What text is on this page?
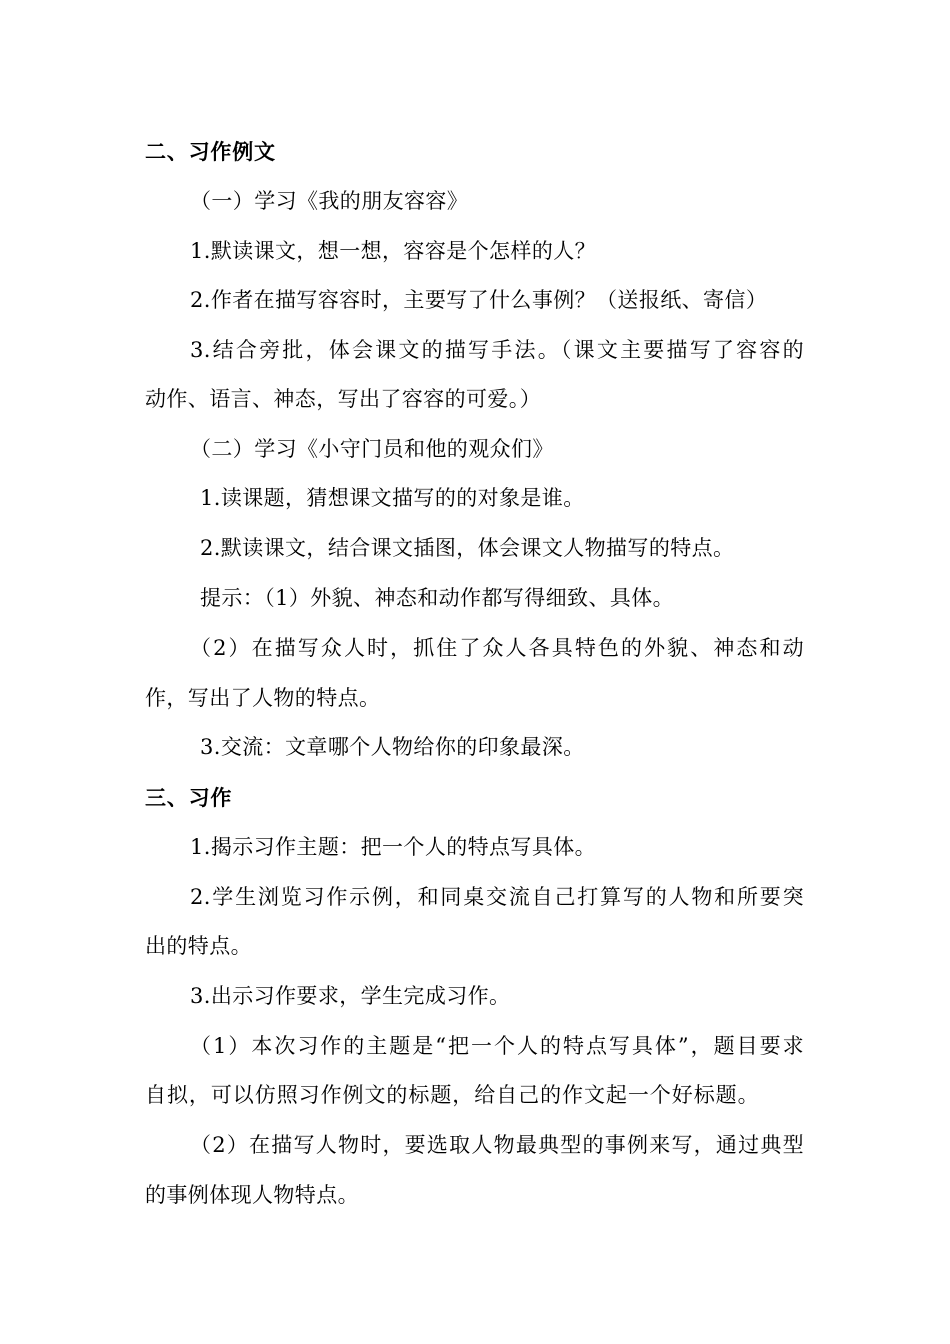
二、习作例文

（一）学习《我的朋友容容》

1.默读课文，想一想，容容是个怎样的人？

2.作者在描写容容时，主要写了什么事例？（送报纸、寄信）

3.结合旁批，体会课文的描写手法。（课文主要描写了容容的

动作、语言、神态，写出了容容的可爱。）

（二）学习《小守门员和他的观众们》

1.读课题，猜想课文描写的的对象是谁。

2.默读课文，结合课文插图，体会课文人物描写的特点。

提示：（1）外貌、神态和动作都写得细致、具体。

（2）在描写众人时，抓住了众人各具特色的外貌、神态和动

作，写出了人物的特点。

3.交流：文章哪个人物给你的印象最深。

三、习作

1.揭示习作主题：把一个人的特点写具体。

2.学生浏览习作示例，和同桌交流自己打算写的人物和所要突

出的特点。

3.出示习作要求，学生完成习作。

（1）本次习作的主题是“把一个人的特点写具体”，题目要求

自拟，可以仿照习作例文的标题，给自己的作文起一个好标题。

（2）在描写人物时，要选取人物最典型的事例来写，通过典型

的事例体现人物特点。
